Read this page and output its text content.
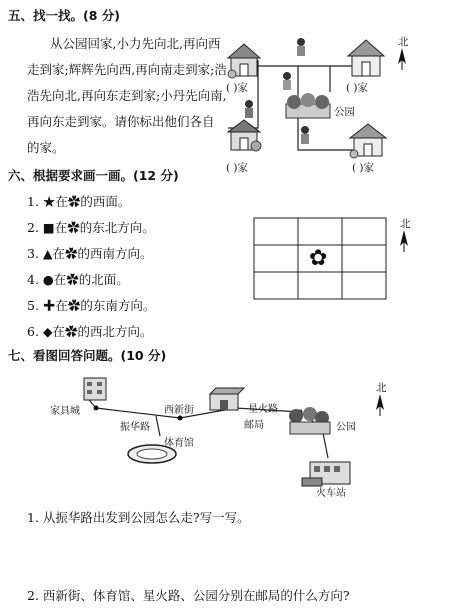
五、找一找。(8 分)
从公园回家,小力先向北,再向西
走到家;辉辉先向西,再向南走到家;浩
浩先向北,再向东走到家;小丹先向南,
再向东走到家。请你标出他们各自
的家。
北
公园
( )家	( )家
( )家	( )家
六、根据要求画一画。(12 分)
1. ★在✿的西面。
2. ■在✿的东北方向。
3. ▲在✿的西南方向。
4. ●在✿的北面。
5. ✚在✿的东南方向。
6. ◆在✿的西北方向。
✿
北
七、看图回答问题。(10 分)
家具城
振华路
体育馆
西新街
邮局
星火路
公园
火车站
北
1. 从振华路出发到公园怎么走?写一写。
2. 西新街、体育馆、星火路、公园分别在邮局的什么方向?
